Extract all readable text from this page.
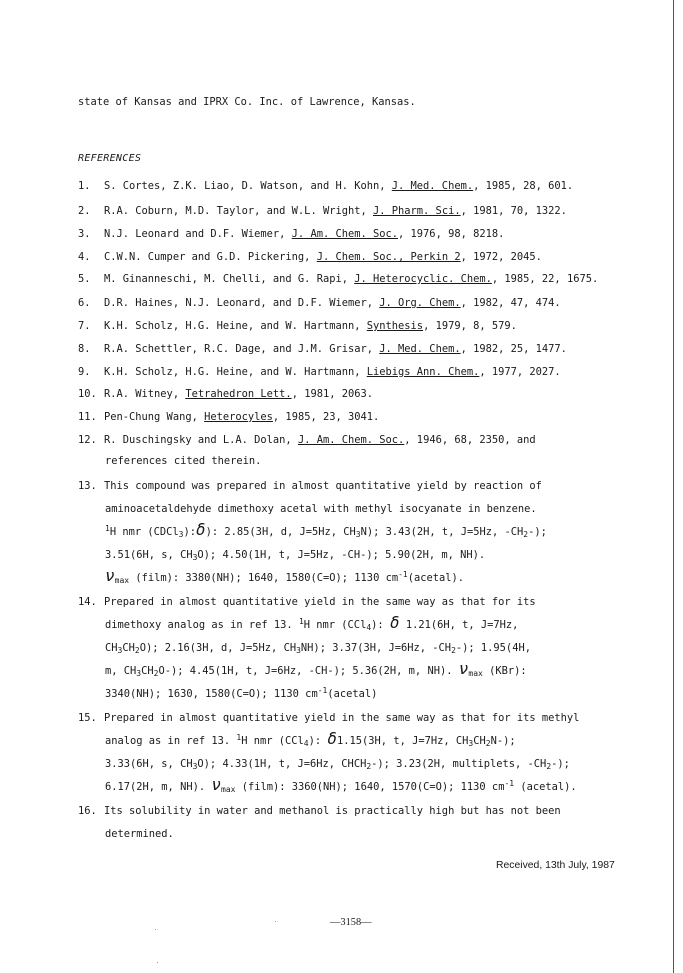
state of Kansas and IPRX Co. Inc. of Lawrence, Kansas.
REFERENCES
1. S. Cortes, Z.K. Liao, D. Watson, and H. Kohn, J. Med. Chem., 1985, 28, 601.
2. R.A. Coburn, M.D. Taylor, and W.L. Wright, J. Pharm. Sci., 1981, 70, 1322.
3. N.J. Leonard and D.F. Wiemer, J. Am. Chem. Soc., 1976, 98, 8218.
4. C.W.N. Cumper and G.D. Pickering, J. Chem. Soc., Perkin 2, 1972, 2045.
5. M. Ginanneschi, M. Chelli, and G. Rapi, J. Heterocyclic. Chem., 1985, 22, 1675.
6. D.R. Haines, N.J. Leonard, and D.F. Wiemer, J. Org. Chem., 1982, 47, 474.
7. K.H. Scholz, H.G. Heine, and W. Hartmann, Synthesis, 1979, 8, 579.
8. R.A. Schettler, R.C. Dage, and J.M. Grisar, J. Med. Chem., 1982, 25, 1477.
9. K.H. Scholz, H.G. Heine, and W. Hartmann, Liebigs Ann. Chem., 1977, 2027.
10. R.A. Witney, Tetrahedron Lett., 1981, 2063.
11. Pen-Chung Wang, Heterocyles, 1985, 23, 3041.
12. R. Duschingsky and L.A. Dolan, J. Am. Chem. Soc., 1946, 68, 2350, and
references cited therein.
13. This compound was prepared in almost quantitative yield by reaction of
aminoacetaldehyde dimethoxy acetal with methyl isocyanate in benzene.
$^1$H nmr (CDCl$_3$):δ): 2.85(3H, d, J=5Hz, $CH_3N$); 3.43(2H, t, J=5Hz, $-CH_2-$);
3.51(6H, s, $CH_3O$); 4.50(1H, t, J=5Hz, -CH-); 5.90(2H, m, NH).
$\nu_{max}$ (film): 3380(NH); 1640, 1580(C=O); 1130 $cm^{-1}(acetal)$.
14. Prepared in almost quantitative yield in the same way as that for its
dimethoxy analog as in ref 13. $^1$H nmr (CCl$_4$): δ 1.21(6H, t, J=7Hz,
$CH_3CH_2O$); 2.16(3H, d, J=5Hz, $CH_3NH$); 3.37(3H, J=6Hz, $-CH_2-$); 1.95(4H,
m, $CH_3CH_2O-$); 4.45(1H, t, J=6Hz, -CH-); 5.36(2H, m, NH). $\nu_{max}$ (KBr):
3340(NH); 1630, 1580(C=O); 1130 $cm^{-1}(acetal)$
15. Prepared in almost quantitative yield in the same way as that for its methyl
analog as in ref 13. $^1$H nmr (CCl$_4$): δ1.15(3H, t, J=7Hz, $CH_3CH_2N-$);
3.33(6H, s, $CH_3O$); 4.33(1H, t, J=6Hz, $CHCH_2-$); 3.23(2H, multiplets, $-CH_2-$);
6.17(2H, m, NH). $\nu_{max}$ (film): 3360(NH); 1640, 1570(C=O); 1130 $cm^{-1}$ (acetal).
16. Its solubility in water and methanol is practically high but has not been
determined.
Received, 13th July, 1987
—3158—
